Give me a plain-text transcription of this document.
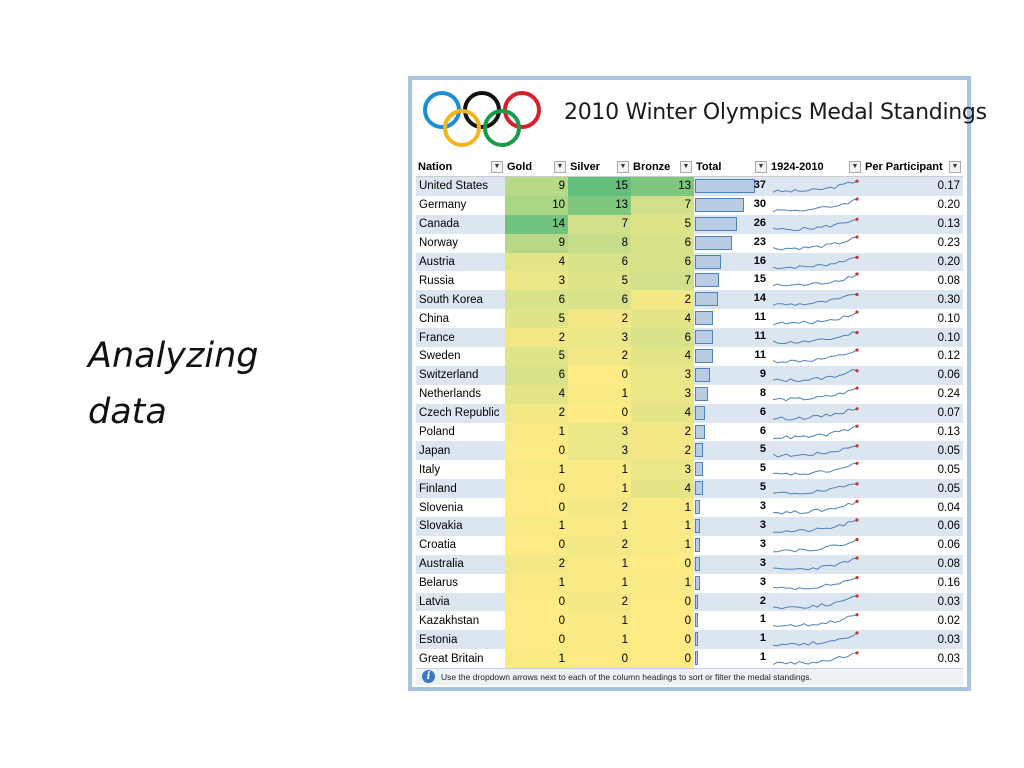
Analyzing data
2010 Winter Olympics Medal Standings
Nation ▼	Gold ▼	Silver ▼	Bronze ▼	Total ▼	1924-2010 ▼	Per Participant ▼

United States	9	15	13	37		0.17
Germany	10	13	7	30		0.20
Canada	14	7	5	26		0.13
Norway	9	8	6	23		0.23
Austria	4	6	6	16		0.20
Russia	3	5	7	15		0.08
South Korea	6	6	2	14		0.30
China	5	2	4	11		0.10
France	2	3	6	11		0.10
Sweden	5	2	4	11		0.12
Switzerland	6	0	3	9		0.06
Netherlands	4	1	3	8		0.24
Czech Republic	2	0	4	6		0.07
Poland	1	3	2	6		0.13
Japan	0	3	2	5		0.05
Italy	1	1	3	5		0.05
Finland	0	1	4	5		0.05
Slovenia	0	2	1	3		0.04
Slovakia	1	1	1	3		0.06
Croatia	0	2	1	3		0.06
Australia	2	1	0	3		0.08
Belarus	1	1	1	3		0.16
Latvia	0	2	0	2		0.03
Kazakhstan	0	1	0	1		0.02
Estonia	0	1	0	1		0.03
Great Britain	1	0	0	1		0.03
i Use the dropdown arrows next to each of the column headings to sort or filter the medal standings.
